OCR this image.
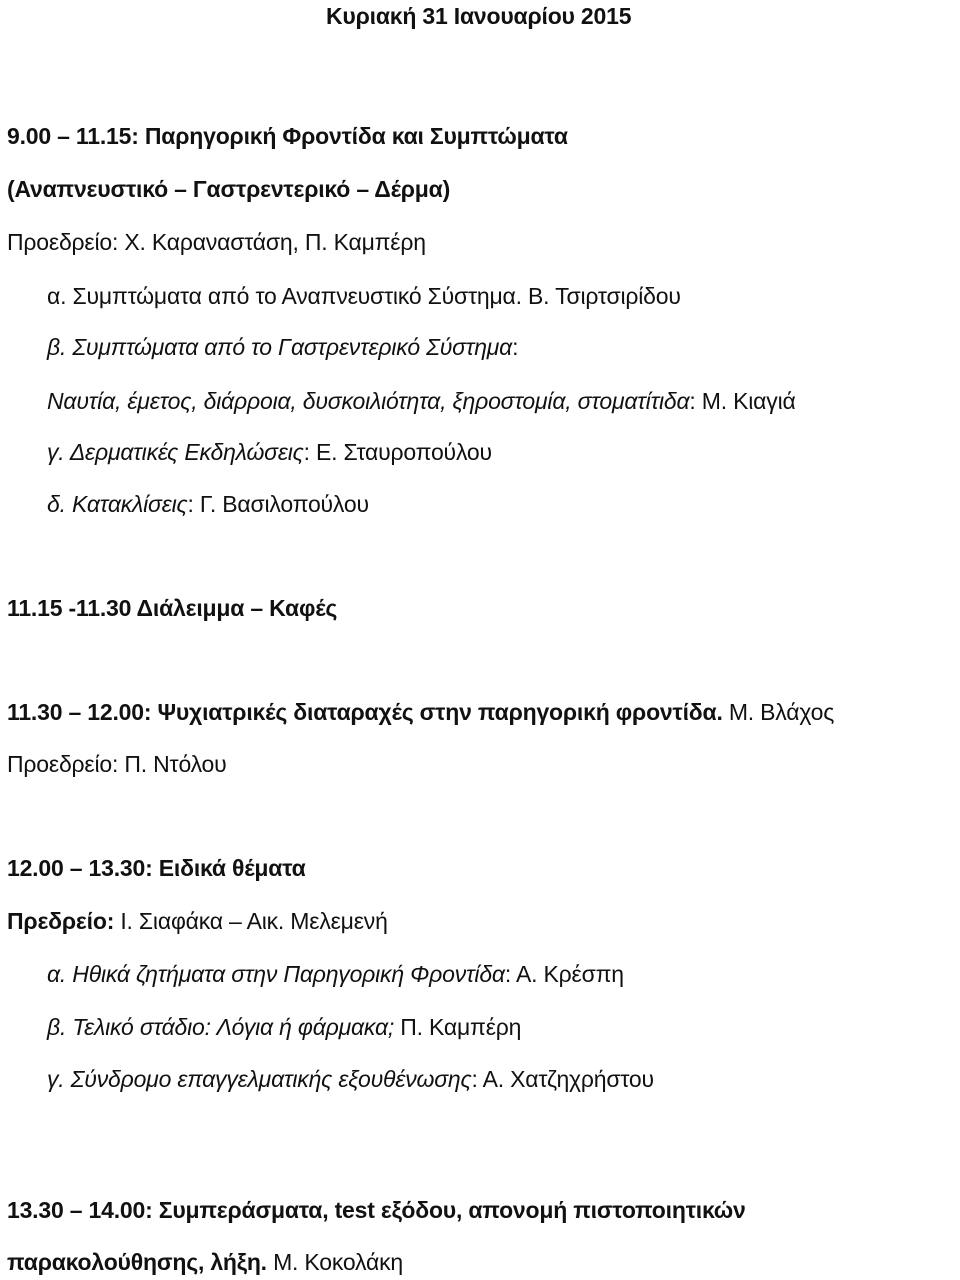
Κυριακή 31 Ιανουαρίου 2015
9.00 – 11.15: Παρηγορική Φροντίδα και Συμπτώματα
(Αναπνευστικό – Γαστρεντερικό – Δέρμα)
Προεδρείο: Χ. Καραναστάση, Π. Καμπέρη
α. Συμπτώματα από το Αναπνευστικό Σύστημα. Β. Τσιρτσιρίδου
β. Συμπτώματα από το Γαστρεντερικό Σύστημα:
Ναυτία, έμετος, διάρροια, δυσκοιλιότητα, ξηροστομία, στοματίτιδα: Μ. Κιαγιά
γ. Δερματικές Εκδηλώσεις: Ε. Σταυροπούλου
δ. Κατακλίσεις: Γ. Βασιλοπούλου
11.15 -11.30 Διάλειμμα – Καφές
11.30 – 12.00: Ψυχιατρικές διαταραχές στην παρηγορική φροντίδα. Μ. Βλάχος
Προεδρείο: Π. Ντόλου
12.00 – 13.30: Ειδικά θέματα
Πρεδρείο: Ι. Σιαφάκα – Αικ. Μελεμενή
α. Ηθικά ζητήματα στην Παρηγορική Φροντίδα: Α. Κρέσπη
β. Τελικό στάδιο: Λόγια ή φάρμακα; Π. Καμπέρη
γ. Σύνδρομο επαγγελματικής εξουθένωσης: Α. Χατζηχρήστου
13.30 – 14.00: Συμπεράσματα, test εξόδου, απονομή πιστοποιητικών
παρακολούθησης, λήξη. Μ. Κοκολάκη
